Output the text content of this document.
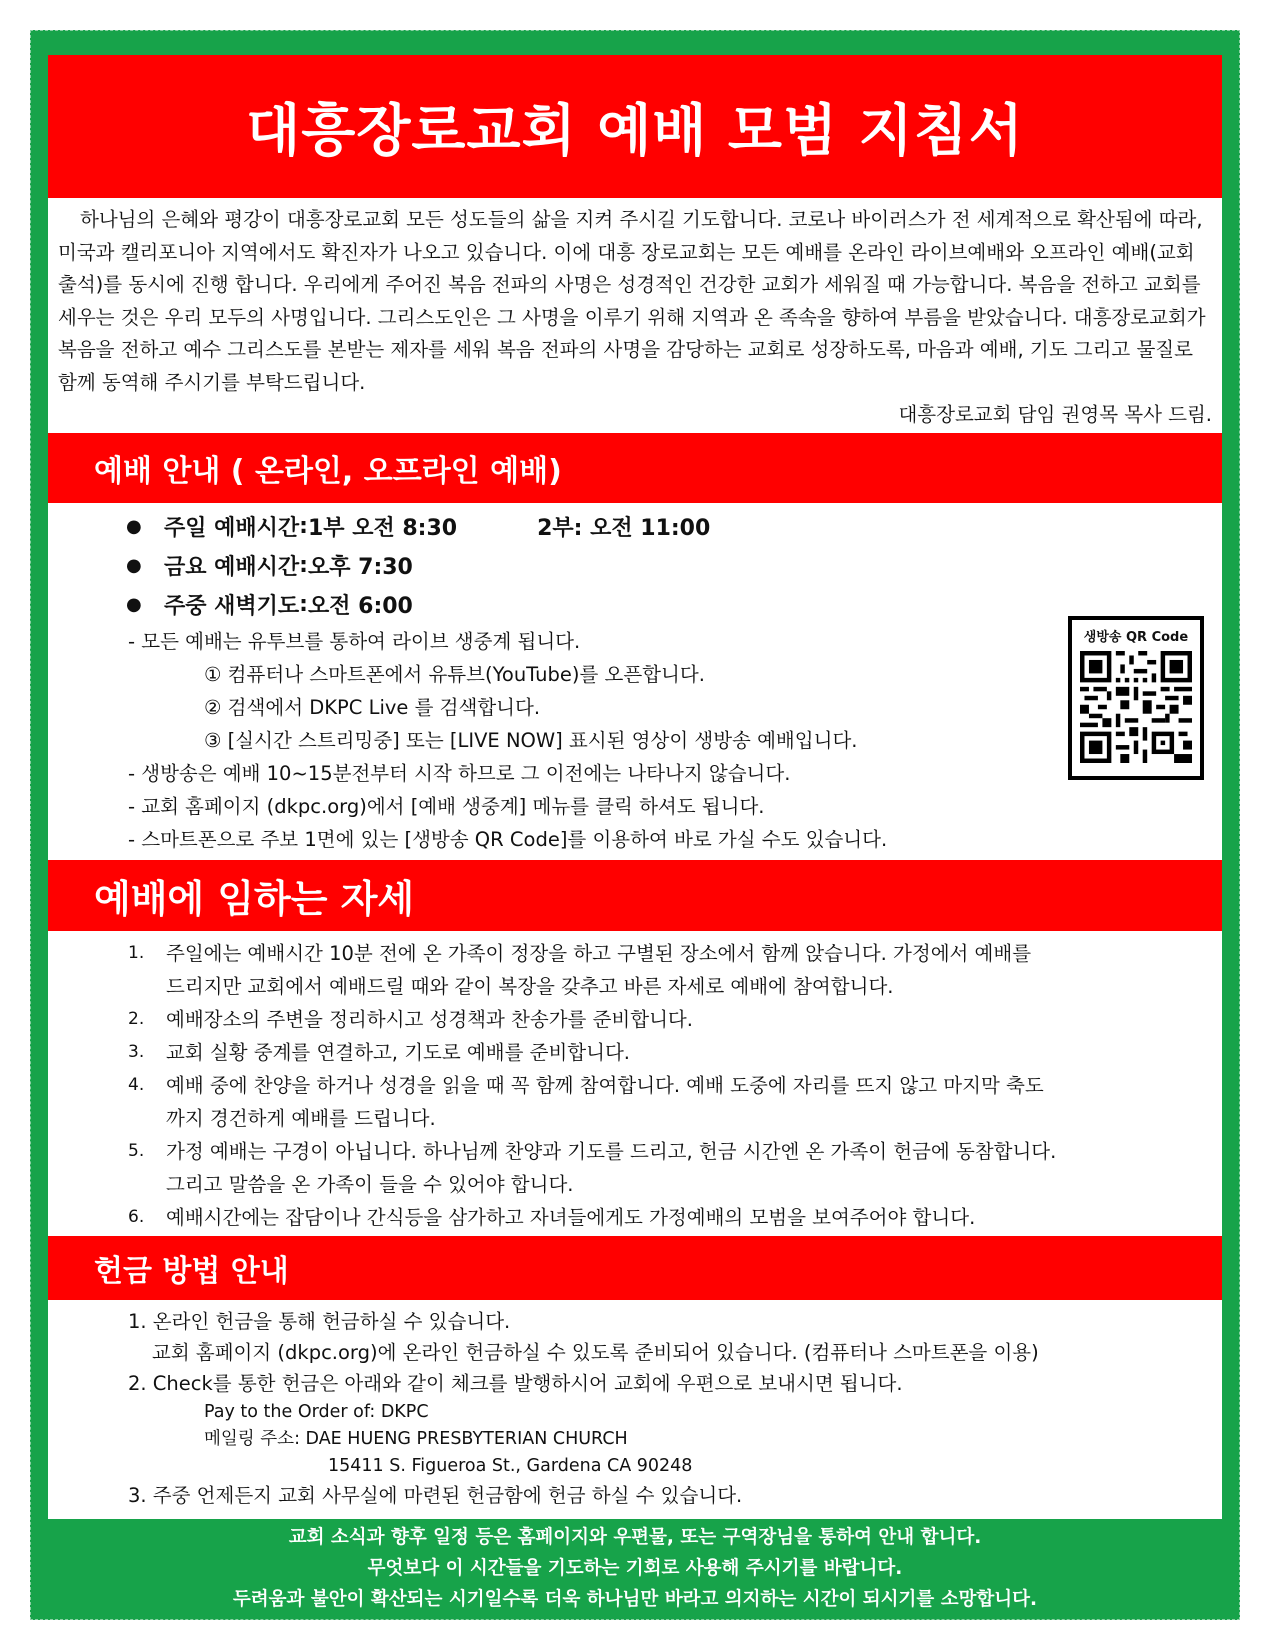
대흥장로교회 예배 모범 지침서

하나님의 은혜와 평강이 대흥장로교회 모든 성도들의 삶을 지켜 주시길 기도합니다. 코로나 바이러스가 전 세계적으로 확산됨에 따라, 미국과 캘리포니아 지역에서도 확진자가 나오고 있습니다. 이에 대흥 장로교회는 모든 예배를 온라인 라이브예배와 오프라인 예배(교회출석)를 동시에 진행 합니다. 우리에게 주어진 복음 전파의 사명은 성경적인 건강한 교회가 세워질 때 가능합니다. 복음을 전하고 교회를 세우는 것은 우리 모두의 사명입니다. 그리스도인은 그 사명을 이루기 위해 지역과 온 족속을 향하여 부름을 받았습니다. 대흥장로교회가 복음을 전하고 예수 그리스도를 본받는 제자를 세워 복음 전파의 사명을 감당하는 교회로 성장하도록, 마음과 예배, 기도 그리고 물질로 함께 동역해 주시기를 부탁드립니다.

대흥장로교회 담임 권영목 목사 드림.
예배 안내 ( 온라인, 오프라인 예배)
●	주일 예배시간 : 1부 오전 8:30	2부: 오전 11:00
●	금요 예배시간 : 오후 7:30
●	주중 새벽기도 : 오전 6:00
- 모든 예배는 유투브를 통하여 라이브 생중계 됩니다.
① 컴퓨터나 스마트폰에서 유튜브(YouTube)를 오픈합니다.
② 검색에서 DKPC Live 를 검색합니다.
③ [실시간 스트리밍중] 또는 [LIVE NOW] 표시된 영상이 생방송 예배입니다.
- 생방송은 예배 10~15분전부터 시작 하므로 그 이전에는 나타나지 않습니다.
- 교회 홈페이지 (dkpc.org)에서 [예배 생중계] 메뉴를 클릭 하셔도 됩니다.
- 스마트폰으로 주보 1면에 있는 [생방송 QR Code]를 이용하여 바로 가실 수도 있습니다.
생방송 QR Code
예배에 임하는 자세
1.	주일에는 예배시간 10분 전에 온 가족이 정장을 하고 구별된 장소에서 함께 앉습니다. 가정에서 예배를
드리지만 교회에서 예배드릴 때와 같이 복장을 갖추고 바른 자세로 예배에 참여합니다.
2.	예배장소의 주변을 정리하시고 성경책과 찬송가를 준비합니다.
3.	교회 실황 중계를 연결하고, 기도로 예배를 준비합니다.
4.	예배 중에 찬양을 하거나 성경을 읽을 때 꼭 함께 참여합니다. 예배 도중에 자리를 뜨지 않고 마지막 축도
까지 경건하게 예배를 드립니다.
5.	가정 예배는 구경이 아닙니다. 하나님께 찬양과 기도를 드리고, 헌금 시간엔 온 가족이 헌금에 동참합니다.
그리고 말씀을 온 가족이 들을 수 있어야 합니다.
6.	예배시간에는 잡담이나 간식등을 삼가하고 자녀들에게도 가정예배의 모범을 보여주어야 합니다.
헌금 방법 안내
1. 온라인 헌금을 통해 헌금하실 수 있습니다.
교회 홈페이지 (dkpc.org)에 온라인 헌금하실 수 있도록 준비되어 있습니다. (컴퓨터나 스마트폰을 이용)
2. Check를 통한 헌금은 아래와 같이 체크를 발행하시어 교회에 우편으로 보내시면 됩니다.
Pay to the Order of: DKPC
메일링 주소: DAE HUENG PRESBYTERIAN CHURCH
15411 S. Figueroa St., Gardena CA 90248
3. 주중 언제든지 교회 사무실에 마련된 헌금함에 헌금 하실 수 있습니다.
교회 소식과 향후 일정 등은 홈페이지와 우편물, 또는 구역장님을 통하여 안내 합니다.
무엇보다 이 시간들을 기도하는 기회로 사용해 주시기를 바랍니다.
두려움과 불안이 확산되는 시기일수록 더욱 하나님만 바라고 의지하는 시간이 되시기를 소망합니다.
